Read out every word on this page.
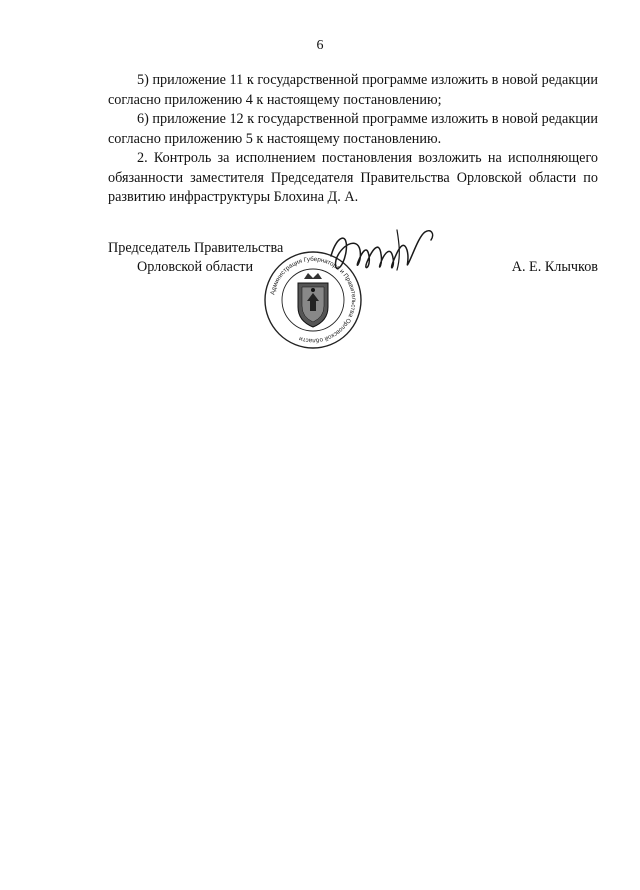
6

5) приложение 11 к государственной программе изложить в новой редакции согласно приложению 4 к настоящему постановлению;

6) приложение 12 к государственной программе изложить в новой редакции согласно приложению 5 к настоящему постановлению.

2. Контроль за исполнением постановления возложить на исполняющего обязанности заместителя Председателя Правительства Орловской области по развитию инфраструктуры Блохина Д. А.

Председатель Правительства
Орловской области	А. Е. Клычков
Администрация Губернатора и Правительства Орловской области
